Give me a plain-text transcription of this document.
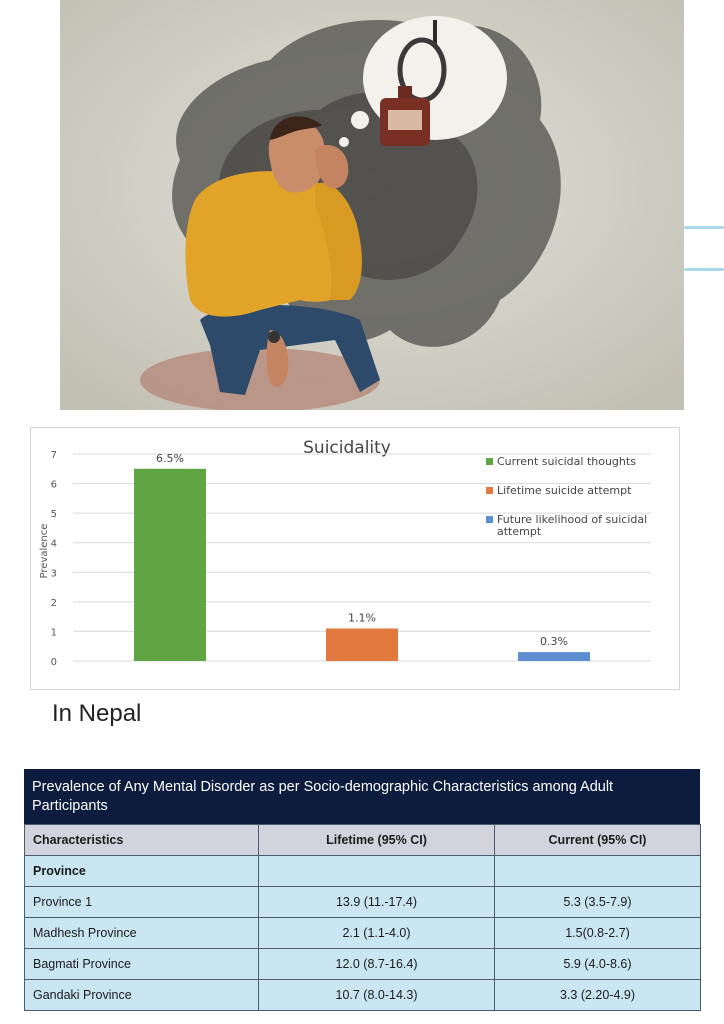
Suicidality
0
1
2
3
4
5
6
7
Prevalence
6.5%
1.1%
0.3%
Current suicidal thoughts
Lifetime suicide attempt
Future likelihood of suicidal attempt
In Nepal
Prevalence of Any Mental Disorder as per Socio-demographic Characteristics among Adult Participants
Characteristics	Lifetime (95% CI)	Current (95% CI)
Province		
Province 1	13.9 (11.-17.4)	5.3 (3.5-7.9)
Madhesh Province	2.1 (1.1-4.0)	1.5(0.8-2.7)
Bagmati Province	12.0 (8.7-16.4)	5.9 (4.0-8.6)
Gandaki Province	10.7 (8.0-14.3)	3.3 (2.20-4.9)
